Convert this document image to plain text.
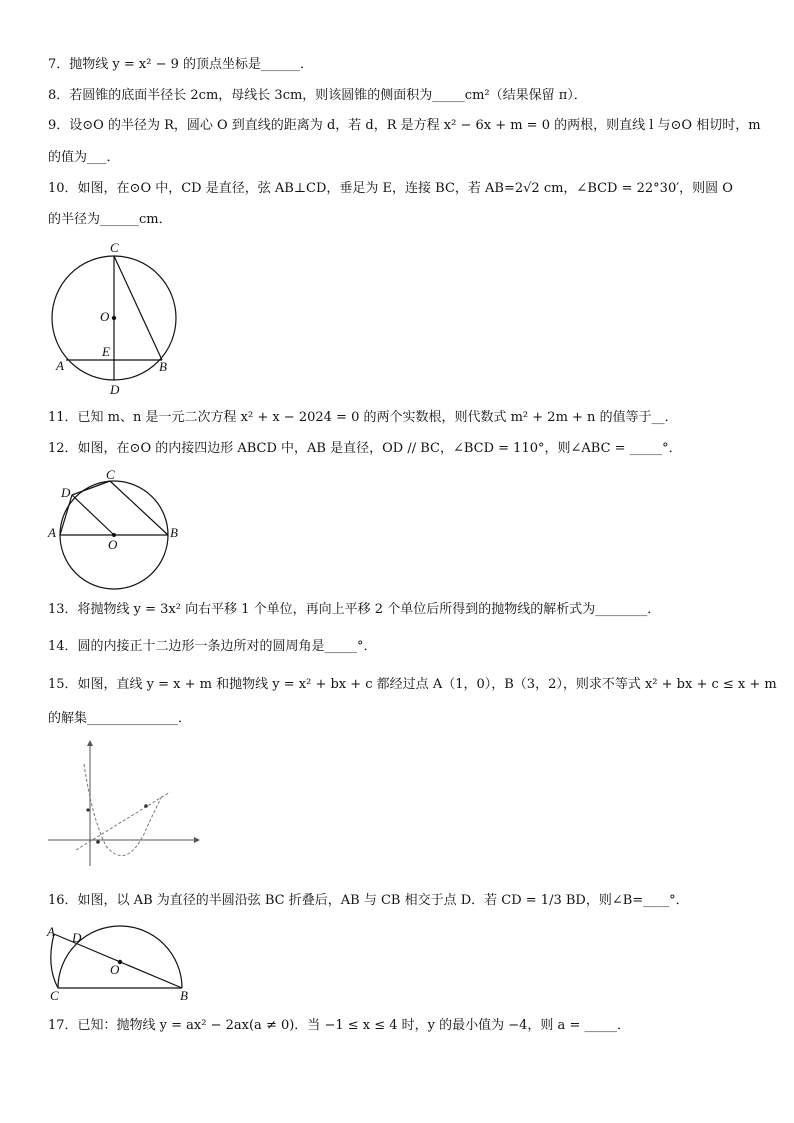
7．抛物线 y = x² − 9 的顶点坐标是______．
8．若圆锥的底面半径长 2cm，母线长 3cm，则该圆锥的侧面积为_____cm²（结果保留 π）．
9．设⊙O 的半径为 R，圆心 O 到直线的距离为 d，若 d，R 是方程 x² − 6x + m = 0 的两根，则直线 l 与⊙O 相切时，m
的值为___．
10．如图，在⊙O 中，CD 是直径，弦 AB⊥CD，垂足为 E，连接 BC，若 AB=2√2 cm，∠BCD = 22°30′，则圆 O
的半径为______cm．
C
O
E
A	B
D
11．已知 m、n 是一元二次方程 x² + x − 2024 = 0 的两个实数根，则代数式 m² + 2m + n 的值等于__．
12．如图，在⊙O 的内接四边形 ABCD 中，AB 是直径，OD // BC，∠BCD = 110°，则∠ABC = _____°．
C
D
A
O
B
13．将抛物线 y = 3x² 向右平移 1 个单位，再向上平移 2 个单位后所得到的抛物线的解析式为________．
14．圆的内接正十二边形一条边所对的圆周角是_____°．
15．如图，直线 y = x + m 和抛物线 y = x² + bx + c 都经过点 A（1，0），B（3，2），则求不等式 x² + bx + c ≤ x + m
的解集______________．
16．如图，以 AB 为直径的半圆沿弦 BC 折叠后，AB 与 CB 相交于点 D．若 CD = 1/3 BD，则∠B=____°．
A D
O
C	B
17．已知：抛物线 y = ax² − 2ax(a ≠ 0)．当 −1 ≤ x ≤ 4 时，y 的最小值为 −4，则 a = _____．
